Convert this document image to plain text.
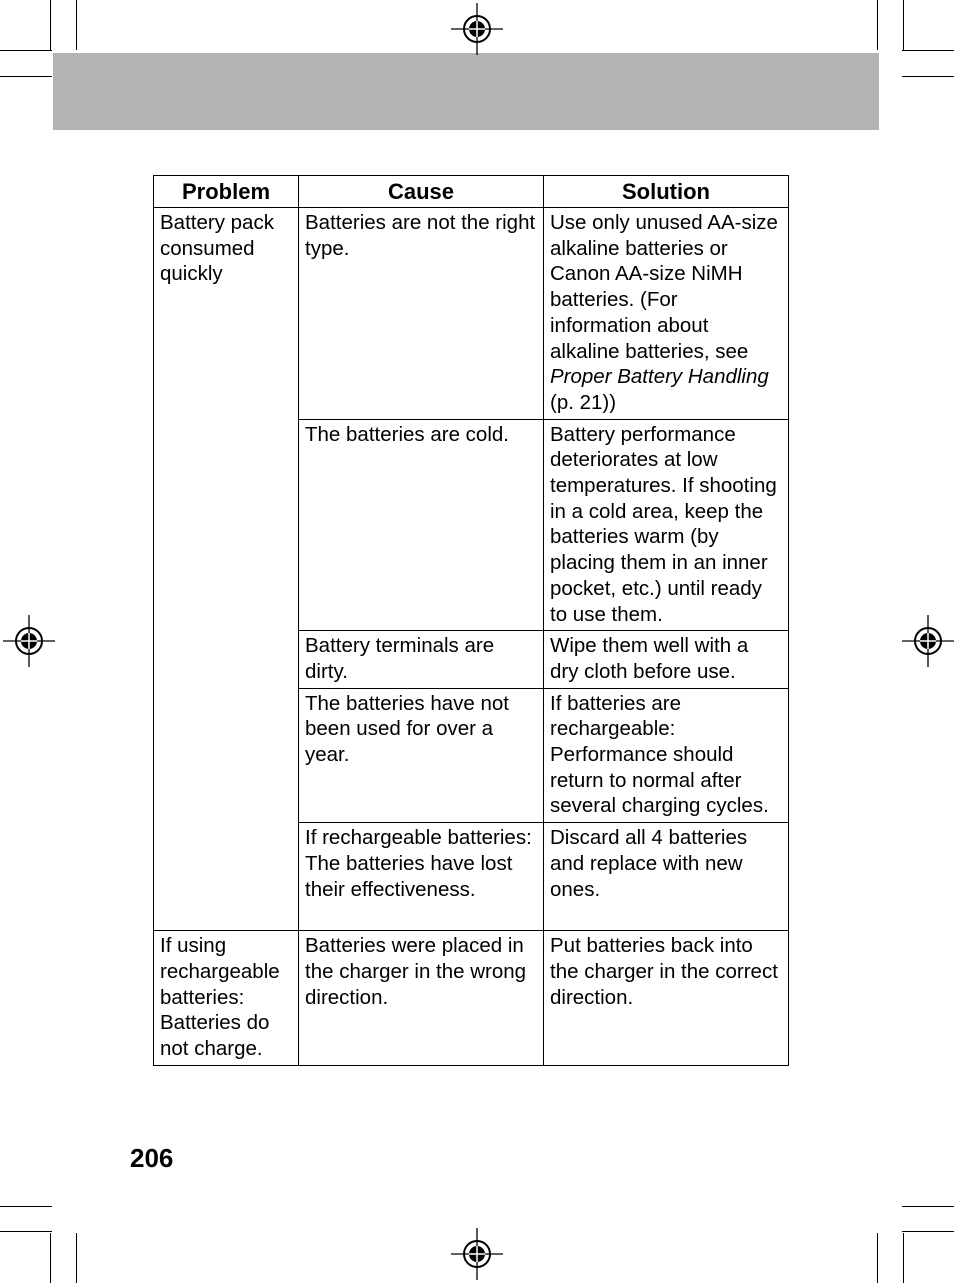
Problem	Cause	Solution
Battery pack consumed quickly	Batteries are not the right type.	Use only unused AA-size alkaline batteries or Canon AA-size NiMH batteries. (For information about alkaline batteries, see Proper Battery Handling (p. 21))
	The batteries are cold.	Battery performance deteriorates at low temperatures. If shooting in a cold area, keep the batteries warm (by placing them in an inner pocket, etc.) until ready to use them.
	Battery terminals are dirty.	Wipe them well with a dry cloth before use.
	The batteries have not been used for over a year.	If batteries are rechargeable: Performance should return to normal after several charging cycles.
	If rechargeable batteries: The batteries have lost their effectiveness.	Discard all 4 batteries and replace with new ones.
If using rechargeable batteries: Batteries do not charge.	Batteries were placed in the charger in the wrong direction.	Put batteries back into the charger in the correct direction.
206
